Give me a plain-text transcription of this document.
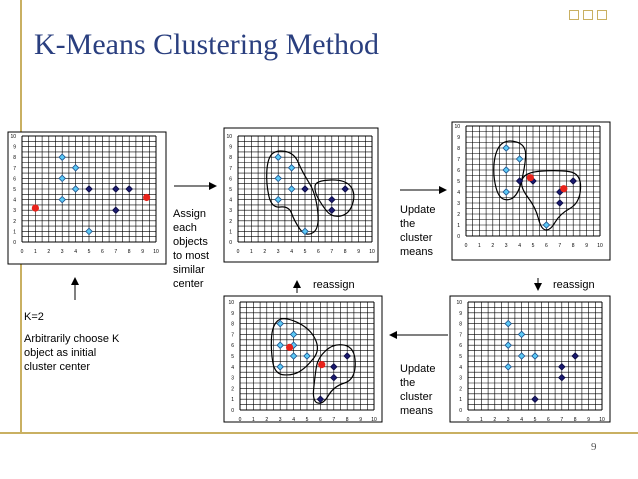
K-Means Clustering Method
Assign
each
objects
to most
similar
center
Update
the
cluster
means
Update
the
cluster
means
reassign	reassign
K=2
Arbitrarily choose K
object as initial
cluster center
9
0 1 2 3 4 5 6 7 8 9 10
0
1
2
3
4
5
6
7
8
9
10
0 1 2 3 4 5 6 7 8 9 10
0
1
2
3
4
5
6
7
8
9
10
0 1 2 3 4 5 6 7 8 9 10
0
1
2
3
4
5
6
7
8
9
10
0 1 2 3 4 5 6 7 8 9 10
0
1
2
3
4
5
6
7
8
9
10
0 1 2 3 4 5 6 7 8 9 10
0
1
2
3
4
5
6
7
8
9
10
